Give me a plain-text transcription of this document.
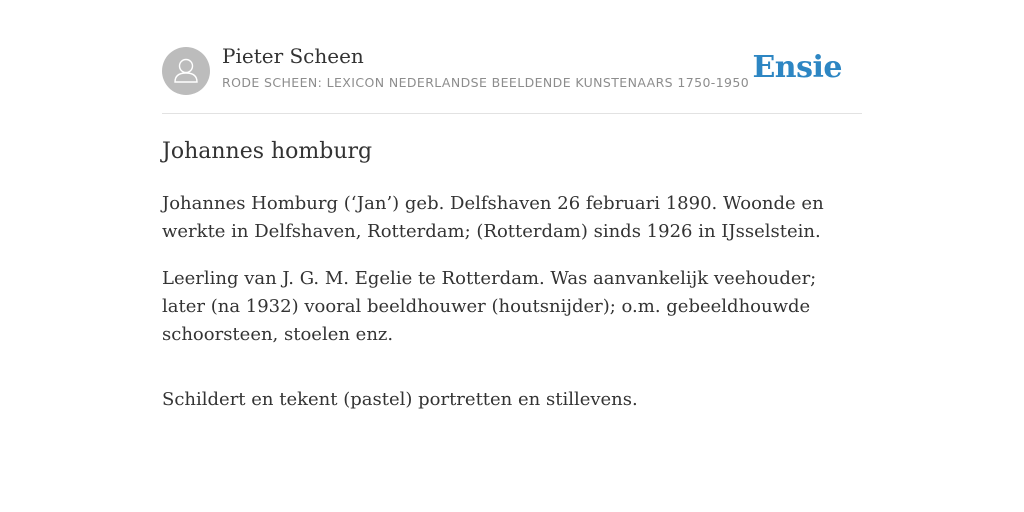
Pieter Scheen
RODE SCHEEN: LEXICON NEDERLANDSE BEELDENDE KUNSTENAARS 1750-1950 Ensie
Johannes homburg

Johannes Homburg (‘Jan’) geb. Delfshaven 26 februari 1890. Woonde en werkte in Delfshaven, Rotterdam; (Rotterdam) sinds 1926 in IJsselstein.

Leerling van J. G. M. Egelie te Rotterdam. Was aanvankelijk veehouder; later (na 1932) vooral beeldhouwer (houtsnijder); o.m. gebeeldhouwde schoorsteen, stoelen enz.

Schildert en tekent (pastel) portretten en stillevens.
